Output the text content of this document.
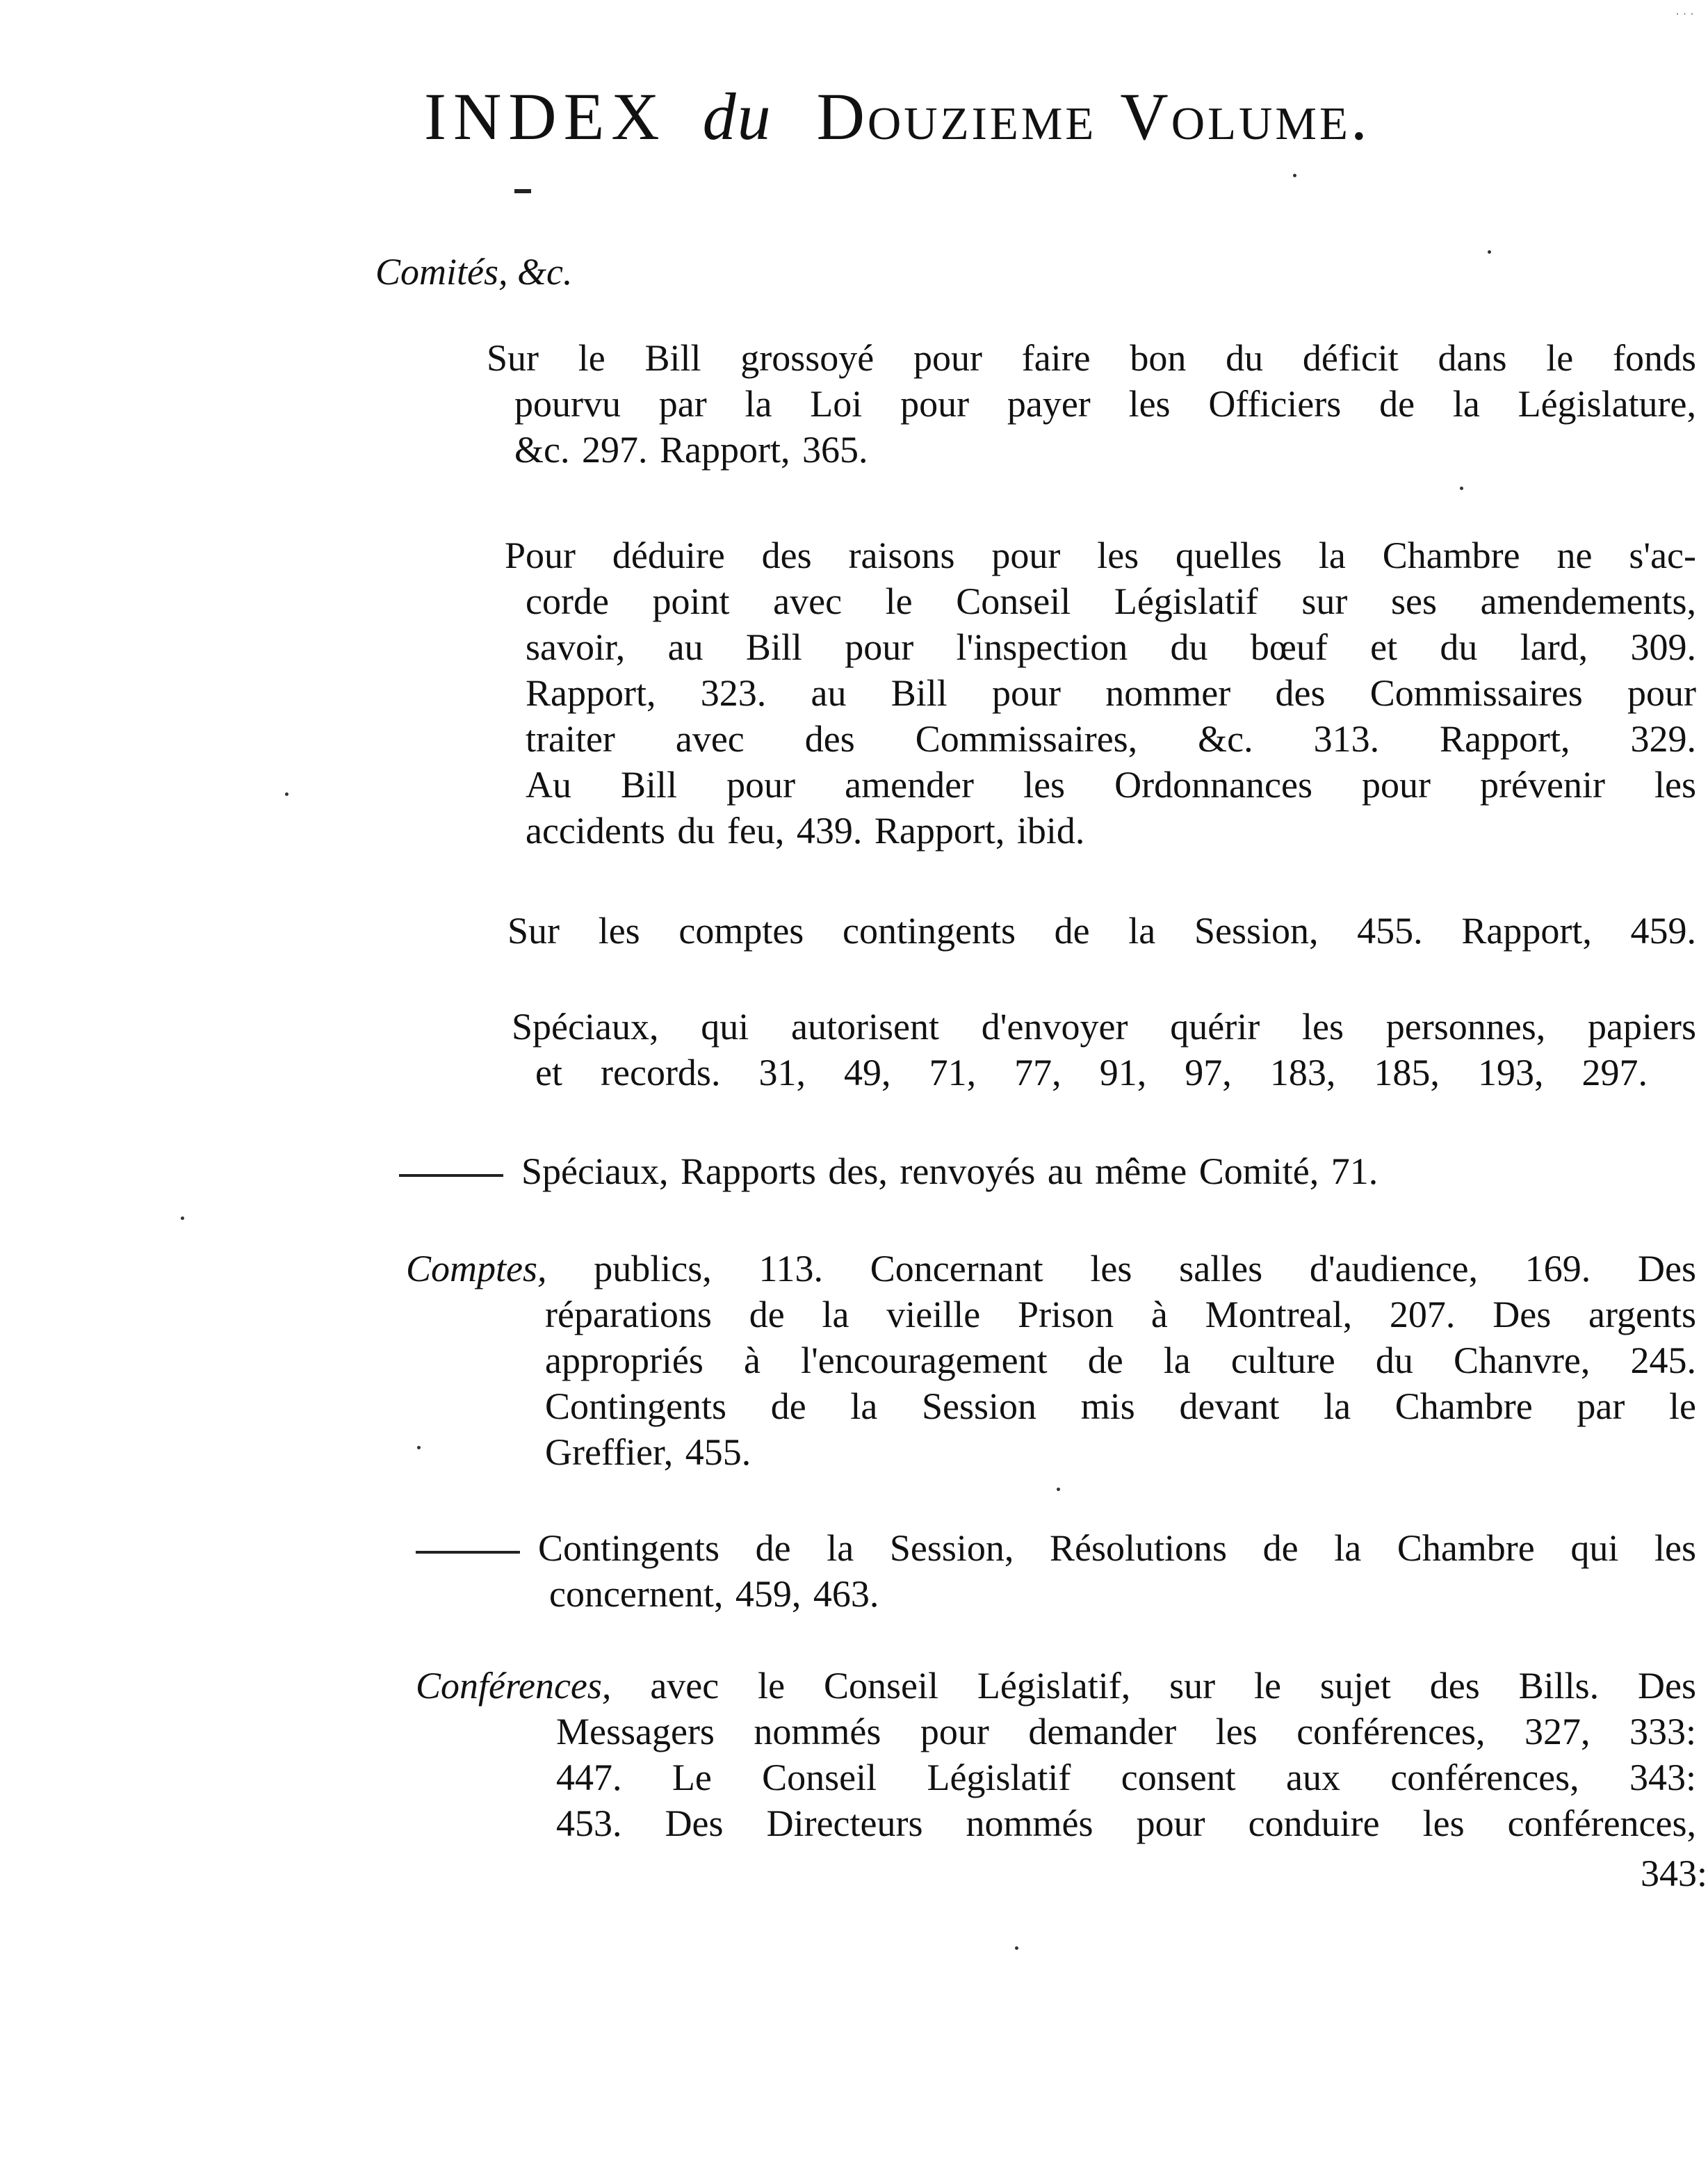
· · ·
INDEX du Douzieme Volume.
Comités, &c.
Sur le Bill grossoyé pour faire bon du déficit dans le fonds
pourvu par la Loi pour payer les Officiers de la Législature,
&c. 297. Rapport, 365.
Pour déduire des raisons pour les quelles la Chambre ne s'ac-
corde point avec le Conseil Législatif sur ses amendements,
savoir, au Bill pour l'inspection du bœuf et du lard, 309.
Rapport, 323. au Bill pour nommer des Commissaires pour
traiter avec des Commissaires, &c. 313. Rapport, 329.
Au Bill pour amender les Ordonnances pour prévenir les
accidents du feu, 439. Rapport, ibid.
Sur les comptes contingents de la Session, 455. Rapport, 459.
Spéciaux, qui autorisent d'envoyer quérir les personnes, papiers
et records. 31, 49, 71, 77, 91, 97, 183, 185, 193, 297.
Spéciaux, Rapports des, renvoyés au même Comité, 71.
Comptes, publics, 113. Concernant les salles d'audience, 169. Des
réparations de la vieille Prison à Montreal, 207. Des argents
appropriés à l'encouragement de la culture du Chanvre, 245.
Contingents de la Session mis devant la Chambre par le
Greffier, 455.
Contingents de la Session, Résolutions de la Chambre qui les
concernent, 459, 463.
Conférences, avec le Conseil Législatif, sur le sujet des Bills. Des
Messagers nommés pour demander les conférences, 327, 333:
447. Le Conseil Législatif consent aux conférences, 343:
453. Des Directeurs nommés pour conduire les conférences,
343:
